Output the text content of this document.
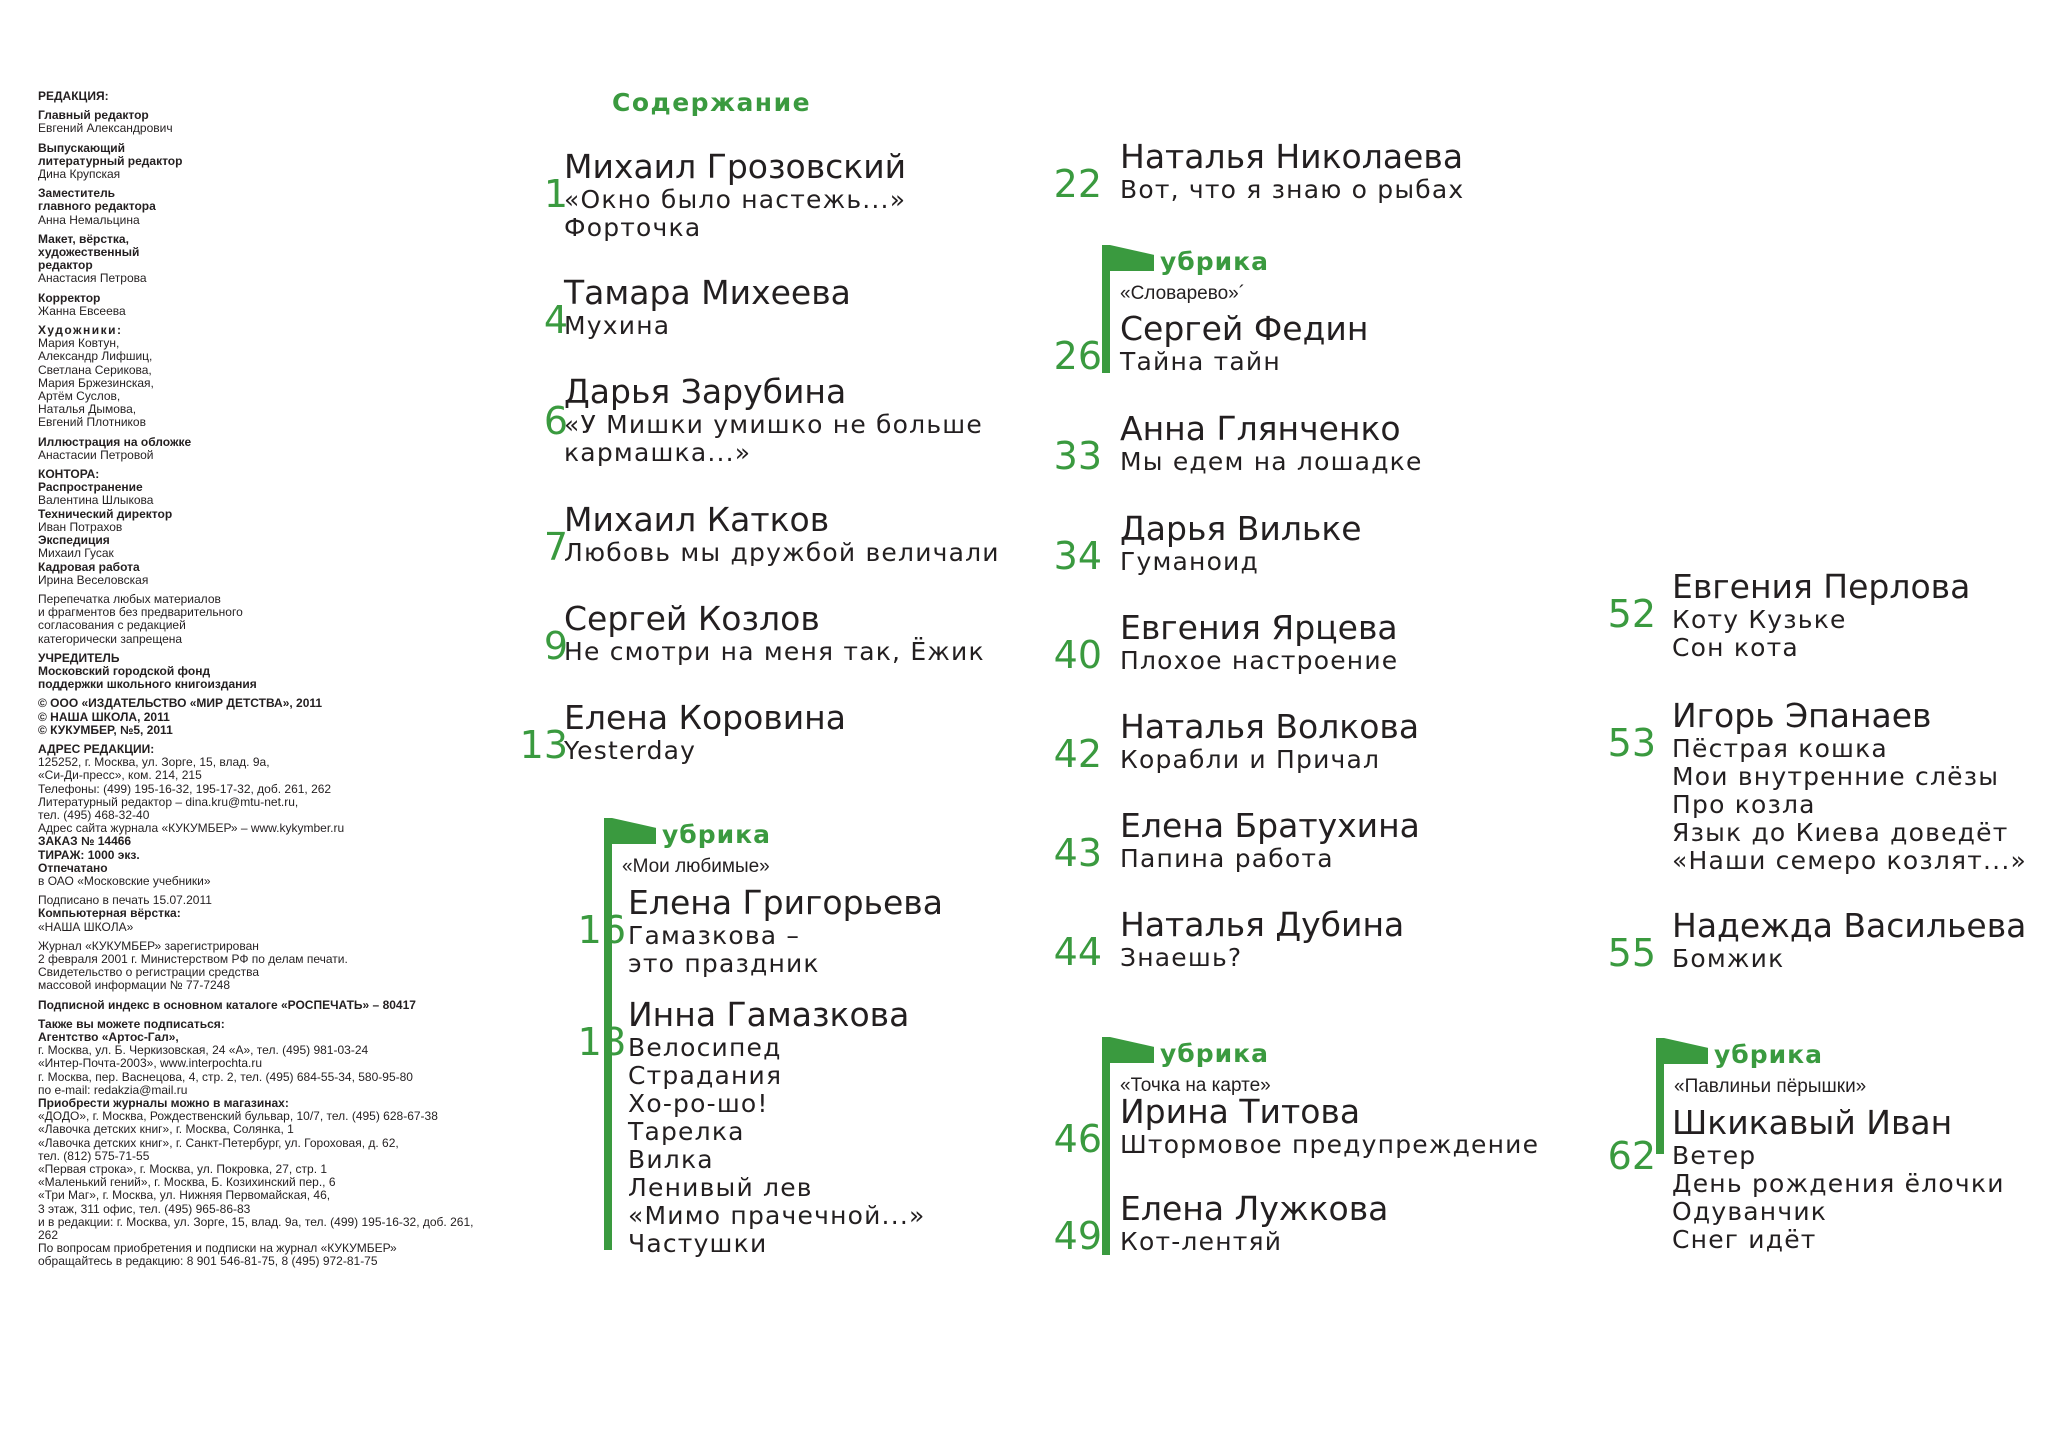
РЕДАКЦИЯ:
Главный редактор
Евгений Александрович
Выпускающий
литературный редактор
Дина Крупская
Заместитель
главного редактора
Анна Немальцина
Макет, вёрстка,
художественный
редактор
Анастасия Петрова
Корректор
Жанна Евсеева
Художники:
Мария Ковтун,
Александр Лифшиц,
Светлана Серикова,
Мария Бржезинская,
Артём Суслов,
Наталья Дымова,
Евгений Плотников
Иллюстрация на обложке
Анастасии Петровой
КОНТОРА:
Распространение
Валентина Шлыкова
Технический директор
Иван Потрахов
Экспедиция
Михаил Гусак
Кадровая работа
Ирина Веселовская
Перепечатка любых материалов
и фрагментов без предварительного
согласования с редакцией
категорически запрещена
УЧРЕДИТЕЛЬ
Московский городской фонд
поддержки школьного книгоиздания
© ООО «ИЗДАТЕЛЬСТВО «МИР ДЕТСТВА», 2011
© НАША ШКОЛА, 2011
© КУКУМБЕР, №5, 2011
АДРЕС РЕДАКЦИИ:
125252, г. Москва, ул. Зорге, 15, влад. 9а,
«Си-Ди-пресс», ком. 214, 215
Телефоны: (499) 195-16-32, 195-17-32, доб. 261, 262
Литературный редактор – dina.kru@mtu-net.ru,
тел. (495) 468-32-40
Адрес сайта журнала «КУКУМБЕР» – www.kykymber.ru
ЗАКАЗ № 14466
ТИРАЖ: 1000 экз.
Отпечатано
в ОАО «Московские учебники»
Подписано в печать 15.07.2011
Компьютерная вёрстка:
«НАША ШКОЛА»
Журнал «КУКУМБЕР» зарегистрирован
2 февраля 2001 г. Министерством РФ по делам печати.
Свидетельство о регистрации средства
массовой информации № 77-7248
Подписной индекс в основном каталоге «РОСПЕЧАТЬ» – 80417
Также вы можете подписаться:
Агентство «Артос-Гал»,
г. Москва, ул. Б. Черкизовская, 24 «А», тел. (495) 981-03-24
«Интер-Почта-2003», www.interpochta.ru
г. Москва, пер. Васнецова, 4, стр. 2, тел. (495) 684-55-34, 580-95-80
по e-mail: redakzia@mail.ru
Приобрести журналы можно в магазинах:
«ДОДО», г. Москва, Рождественский бульвар, 10/7, тел. (495) 628-67-38
«Лавочка детских книг», г. Москва, Солянка, 1
«Лавочка детских книг», г. Санкт-Петербург, ул. Гороховая, д. 62,
тел. (812) 575-71-55
«Первая строка», г. Москва, ул. Покровка, 27, стр. 1
«Маленький гений», г. Москва, Б. Козихинский пер., 6
«Три Маг», г. Москва, ул. Нижняя Первомайская, 46,
3 этаж, 311 офис, тел. (495) 965-86-83
и в редакции: г. Москва, ул. Зорге, 15, влад. 9а, тел. (499) 195-16-32, доб. 261,
262
По вопросам приобретения и подписки на журнал «КУКУМБЕР»
обращайтесь в редакцию: 8 901 546-81-75, 8 (495) 972-81-75
Содержание
1
Михаил Грозовский
«Окно было настежь...»
Форточка
4
Тамара Михеева
Мухина
6
Дарья Зарубина
«У Мишки умишко не больше
кармашка...»
7
Михаил Катков
Любовь мы дружбой величали
9
Сергей Козлов
Не смотри на меня так, Ёжик
13
Елена Коровина
Yesterday
убрика
«Мои любимые»
16
Елена Григорьева
Гамазкова –
это праздник
18
Инна Гамазкова
Велосипед
Страдания
Хо-ро-шо!
Тарелка
Вилка
Ленивый лев
«Мимо прачечной...»
Частушки
22
Наталья Николаева
Вот, что я знаю о рыбах
убрика
«Словарево»´
26
Сергей Федин
Тайна тайн
33
Анна Глянченко
Мы едем на лошадке
34
Дарья Вильке
Гуманоид
40
Евгения Ярцева
Плохое настроение
42
Наталья Волкова
Корабли и Причал
43
Елена Братухина
Папина работа
44
Наталья Дубина
Знаешь?
убрика
«Точка на карте»
46
Ирина Титова
Штормовое предупреждение
49
Елена Лужкова
Кот-лентяй
52
Евгения Перлова
Коту Кузьке
Сон кота
53
Игорь Эпанаев
Пёстрая кошка
Мои внутренние слёзы
Про козла
Язык до Киева доведёт
«Наши семеро козлят...»
55
Надежда Васильева
Бомжик
убрика
«Павлиньи пёрышки»
62
Шкикавый Иван
Ветер
День рождения ёлочки
Одуванчик
Снег идёт
